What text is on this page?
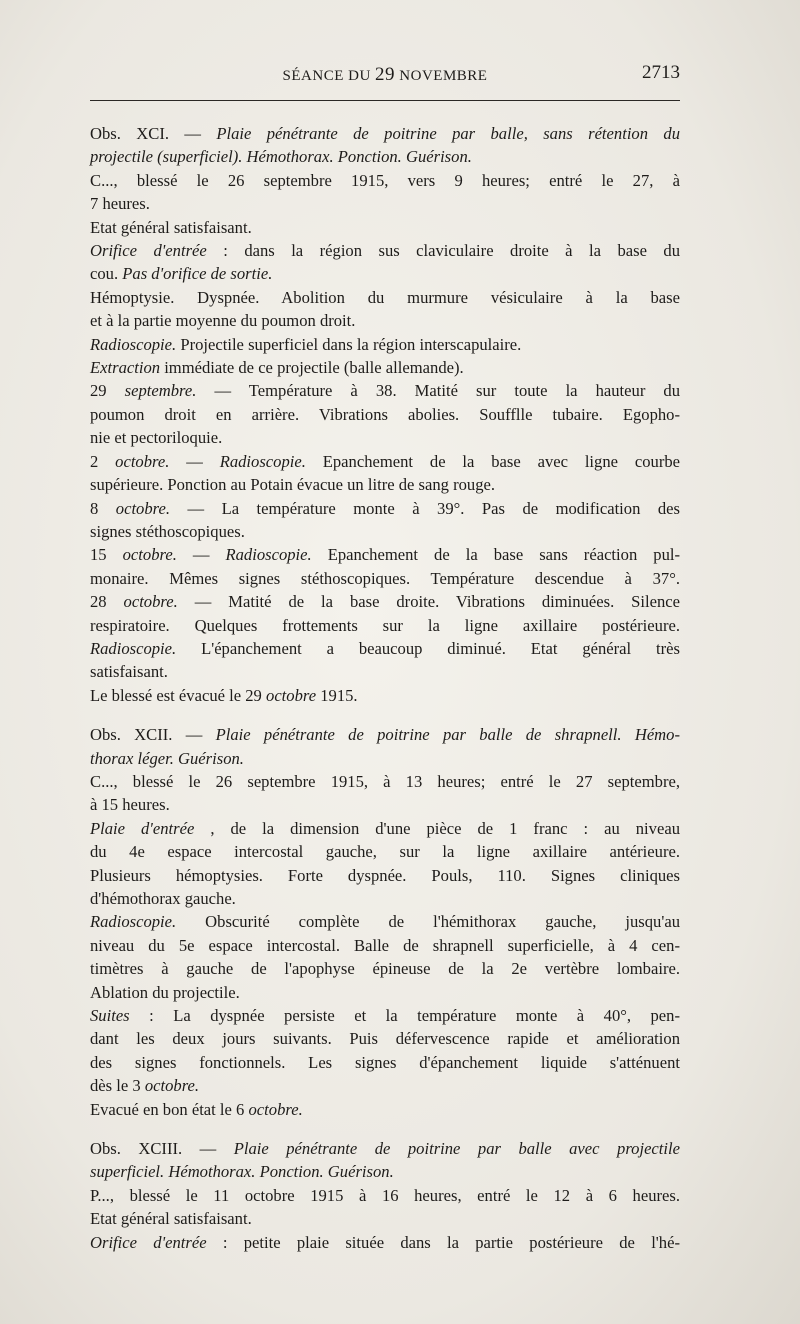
SÉANCE DU 29 NOVEMBRE	2713
Obs. XCI. — Plaie pénétrante de poitrine par balle, sans rétention du
projectile (superficiel). Hémothorax. Ponction. Guérison.
C..., blessé le 26 septembre 1915, vers 9 heures; entré le 27, à
7 heures.
Etat général satisfaisant.
Orifice d'entrée : dans la région sus claviculaire droite à la base du
cou. Pas d'orifice de sortie.
Hémoptysie. Dyspnée. Abolition du murmure vésiculaire à la base
et à la partie moyenne du poumon droit.
Radioscopie. Projectile superficiel dans la région interscapulaire.
Extraction immédiate de ce projectile (balle allemande).
29 septembre. — Température à 38. Matité sur toute la hauteur du
poumon droit en arrière. Vibrations abolies. Soufflle tubaire. Egopho-
nie et pectoriloquie.
2 octobre. — Radioscopie. Epanchement de la base avec ligne courbe
supérieure. Ponction au Potain évacue un litre de sang rouge.
8 octobre. — La température monte à 39°. Pas de modification des
signes stéthoscopiques.
15 octobre. — Radioscopie. Epanchement de la base sans réaction pul-
monaire. Mêmes signes stéthoscopiques. Température descendue à 37°.
28 octobre. — Matité de la base droite. Vibrations diminuées. Silence
respiratoire. Quelques frottements sur la ligne axillaire postérieure.
Radioscopie. L'épanchement a beaucoup diminué. Etat général très
satisfaisant.
Le blessé est évacué le 29 octobre 1915.
Obs. XCII. — Plaie pénétrante de poitrine par balle de shrapnell. Hémo-
thorax léger. Guérison.
C..., blessé le 26 septembre 1915, à 13 heures; entré le 27 septembre,
à 15 heures.
Plaie d'entrée , de la dimension d'une pièce de 1 franc : au niveau
du 4e espace intercostal gauche, sur la ligne axillaire antérieure.
Plusieurs hémoptysies. Forte dyspnée. Pouls, 110. Signes cliniques
d'hémothorax gauche.
Radioscopie. Obscurité complète de l'hémithorax gauche, jusqu'au
niveau du 5e espace intercostal. Balle de shrapnell superficielle, à 4 cen-
timètres à gauche de l'apophyse épineuse de la 2e vertèbre lombaire.
Ablation du projectile.
Suites : La dyspnée persiste et la température monte à 40°, pen-
dant les deux jours suivants. Puis défervescence rapide et amélioration
des signes fonctionnels. Les signes d'épanchement liquide s'atténuent
dès le 3 octobre.
Evacué en bon état le 6 octobre.
Obs. XCIII. — Plaie pénétrante de poitrine par balle avec projectile
superficiel. Hémothorax. Ponction. Guérison.
P..., blessé le 11 octobre 1915 à 16 heures, entré le 12 à 6 heures.
Etat général satisfaisant.
Orifice d'entrée : petite plaie située dans la partie postérieure de l'hé-
